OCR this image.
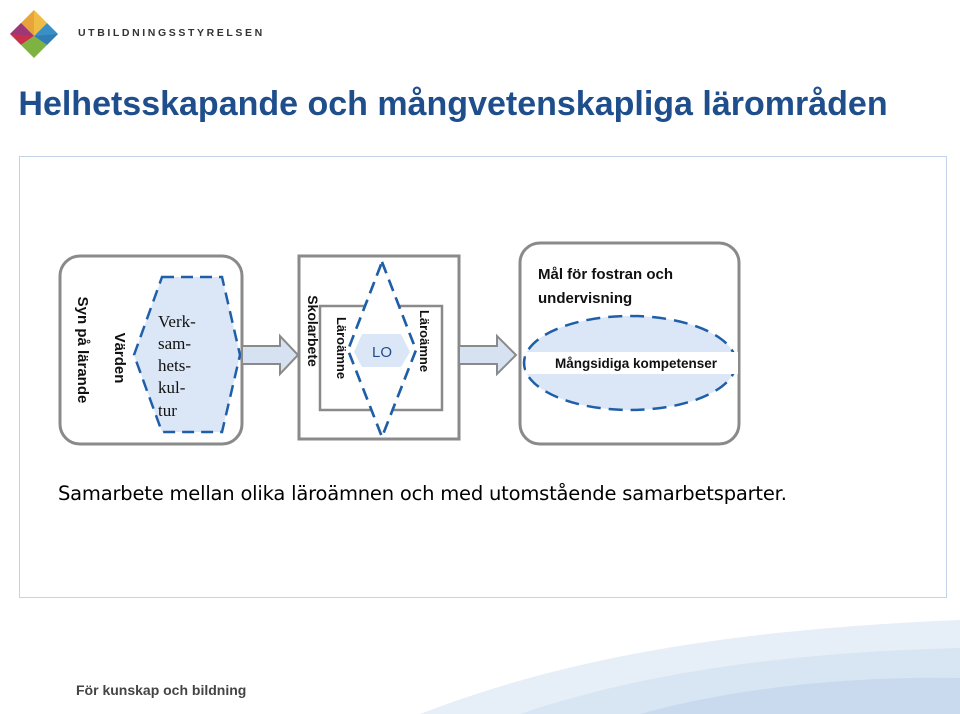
UTBILDNINGSSTYRELSEN
Helhetsskapande och mångvetenskapliga lärområden
Syn på lärande Värden
Verk-
sam-
hets-
kul-
tur
Skolarbete Läroämne	Läroämne
LO
Mål för fostran och
undervisning
Mångsidiga kompetenser
Samarbete mellan olika läroämnen och med utomstående samarbetsparter.
För kunskap och bildning
